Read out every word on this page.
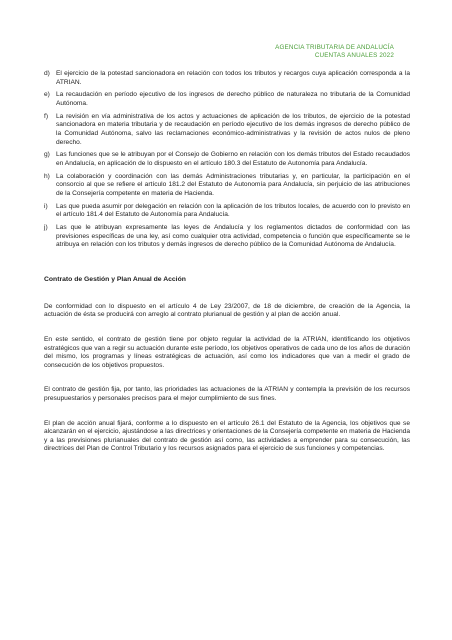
AGENCIA TRIBUTARIA DE ANDALUCÍA
CUENTAS ANUALES 2022
d) El ejercicio de la potestad sancionadora en relación con todos los tributos y recargos cuya aplicación corresponda a la ATRIAN.
e) La recaudación en período ejecutivo de los ingresos de derecho público de naturaleza no tributaria de la Comunidad Autónoma.
f) La revisión en vía administrativa de los actos y actuaciones de aplicación de los tributos, de ejercicio de la potestad sancionadora en materia tributaria y de recaudación en período ejecutivo de los demás ingresos de derecho público de la Comunidad Autónoma, salvo las reclamaciones económico-administrativas y la revisión de actos nulos de pleno derecho.
g) Las funciones que se le atribuyan por el Consejo de Gobierno en relación con los demás tributos del Estado recaudados en Andalucía, en aplicación de lo dispuesto en el artículo 180.3 del Estatuto de Autonomía para Andalucía.
h) La colaboración y coordinación con las demás Administraciones tributarias y, en particular, la participación en el consorcio al que se refiere el artículo 181.2 del Estatuto de Autonomía para Andalucía, sin perjuicio de las atribuciones de la Consejería competente en materia de Hacienda.
i) Las que pueda asumir por delegación en relación con la aplicación de los tributos locales, de acuerdo con lo previsto en el artículo 181.4 del Estatuto de Autonomía para Andalucía.
j) Las que le atribuyan expresamente las leyes de Andalucía y los reglamentos dictados de conformidad con las previsiones específicas de una ley, así como cualquier otra actividad, competencia o función que específicamente se le atribuya en relación con los tributos y demás ingresos de derecho público de la Comunidad Autónoma de Andalucía.
Contrato de Gestión y Plan Anual de Acción

De conformidad con lo dispuesto en el artículo 4 de Ley 23/2007, de 18 de diciembre, de creación de la Agencia, la actuación de ésta se producirá con arreglo al contrato plurianual de gestión y al plan de acción anual.

En este sentido, el contrato de gestión tiene por objeto regular la actividad de la ATRIAN, identificando los objetivos estratégicos que van a regir su actuación durante este período, los objetivos operativos de cada uno de los años de duración del mismo, los programas y líneas estratégicas de actuación, así como los indicadores que van a medir el grado de consecución de los objetivos propuestos.

El contrato de gestión fija, por tanto, las prioridades las actuaciones de la ATRIAN y contempla la previsión de los recursos presupuestarios y personales precisos para el mejor cumplimiento de sus fines.

El plan de acción anual fijará, conforme a lo dispuesto en el artículo 26.1 del Estatuto de la Agencia, los objetivos que se alcanzarán en el ejercicio, ajustándose a las directrices y orientaciones de la Consejería competente en materia de Hacienda y a las previsiones plurianuales del contrato de gestión así como, las actividades a emprender para su consecución, las directrices del Plan de Control Tributario y los recursos asignados para el ejercicio de sus funciones y competencias.
